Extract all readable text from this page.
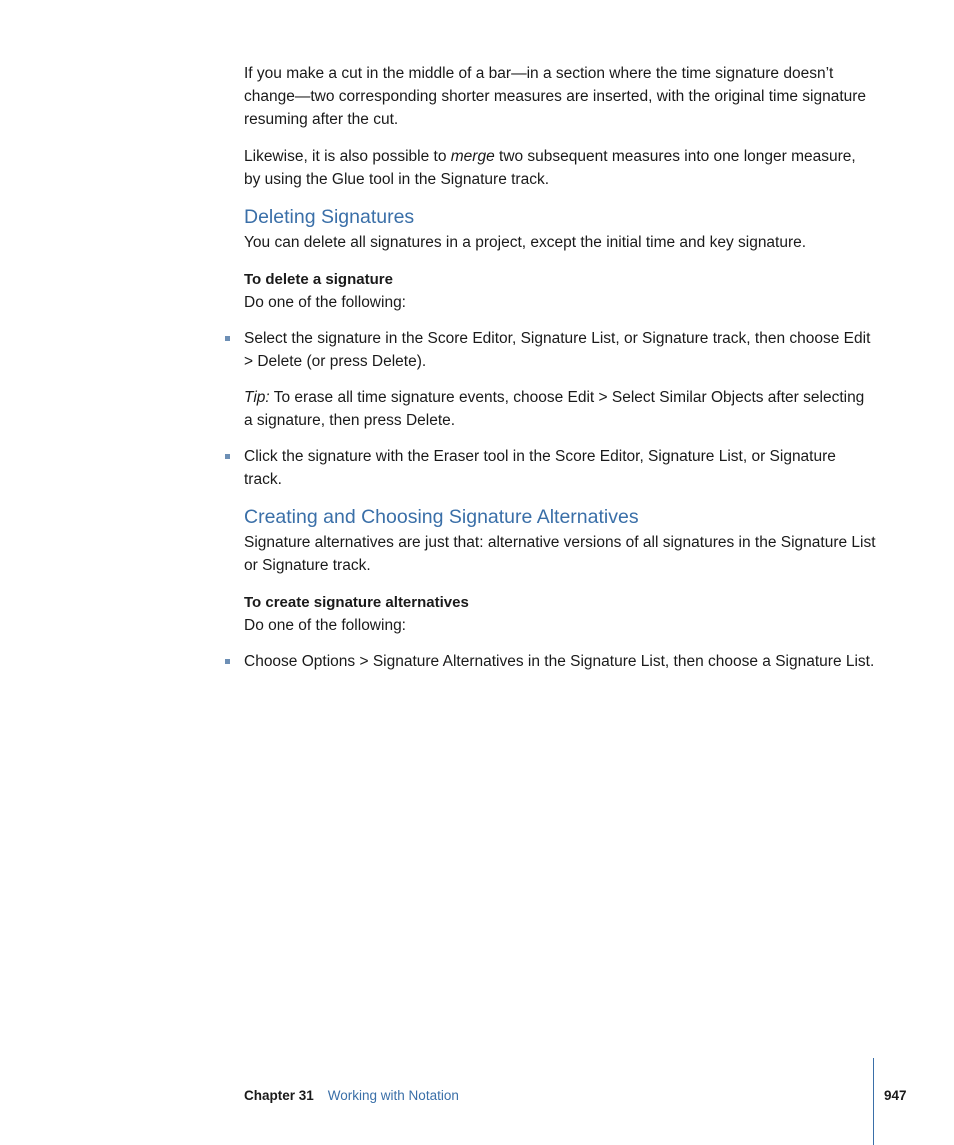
If you make a cut in the middle of a bar—in a section where the time signature doesn’t change—two corresponding shorter measures are inserted, with the original time signature resuming after the cut.

Likewise, it is also possible to merge two subsequent measures into one longer measure, by using the Glue tool in the Signature track.

Deleting Signatures

You can delete all signatures in a project, except the initial time and key signature.

To delete a signature

Do one of the following:

Select the signature in the Score Editor, Signature List, or Signature track, then choose Edit > Delete (or press Delete).

Tip: To erase all time signature events, choose Edit > Select Similar Objects after selecting a signature, then press Delete.

Click the signature with the Eraser tool in the Score Editor, Signature List, or Signature track.

Creating and Choosing Signature Alternatives

Signature alternatives are just that: alternative versions of all signatures in the Signature List or Signature track.

To create signature alternatives

Do one of the following:

Choose Options > Signature Alternatives in the Signature List, then choose a Signature List.

Chapter 31 Working with Notation	947
